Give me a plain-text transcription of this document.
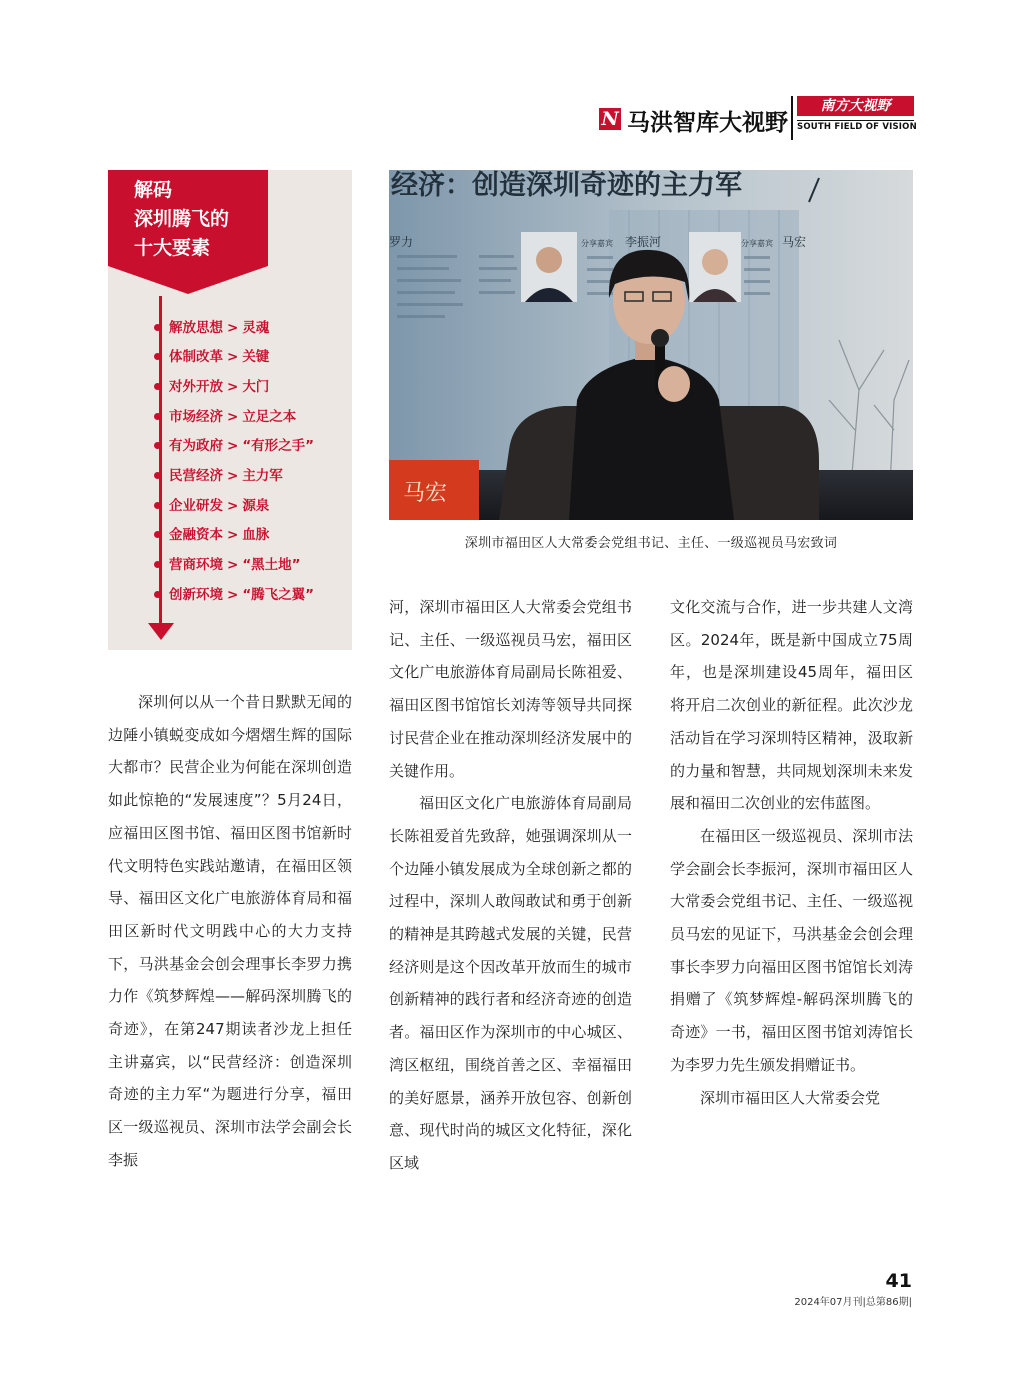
N 马洪智库大视野
南方大视野
SOUTH FIELD OF VISION
解码
深圳腾飞的
十大要素
解放思想 > 灵魂
体制改革 > 关键
对外开放 > 大门
市场经济 > 立足之本
有为政府 > “有形之手”
民营经济 > 主力军
企业研发 > 源泉
金融资本 > 血脉
营商环境 > “黑土地”
创新环境 > “腾飞之翼”
经济：创造深圳奇迹的主力军
罗力	分享嘉宾 李振河	分享嘉宾 马宏
马宏
深圳市福田区人大常委会党组书记、主任、一级巡视员马宏致词

深圳何以从一个昔日默默无闻的边陲小镇蜕变成如今熠熠生辉的国际大都市？民营企业为何能在深圳创造如此惊艳的“发展速度”？5月24日，应福田区图书馆、福田区图书馆新时代文明特色实践站邀请，在福田区领导、福田区文化广电旅游体育局和福田区新时代文明践中心的大力支持下，马洪基金会创会理事长李罗力携力作《筑梦辉煌——解码深圳腾飞的奇迹》，在第247期读者沙龙上担任主讲嘉宾，以“民营经济：创造深圳奇迹的主力军“为题进行分享，福田区一级巡视员、深圳市法学会副会长李振

河，深圳市福田区人大常委会党组书记、主任、一级巡视员马宏，福田区文化广电旅游体育局副局长陈祖爱、福田区图书馆馆长刘涛等领导共同探讨民营企业在推动深圳经济发展中的关键作用。

福田区文化广电旅游体育局副局长陈祖爱首先致辞，她强调深圳从一个边陲小镇发展成为全球创新之都的过程中，深圳人敢闯敢试和勇于创新的精神是其跨越式发展的关键，民营经济则是这个因改革开放而生的城市创新精神的践行者和经济奇迹的创造者。福田区作为深圳市的中心城区、湾区枢纽，围绕首善之区、幸福福田的美好愿景，涵养开放包容、创新创意、现代时尚的城区文化特征，深化区域

文化交流与合作，进一步共建人文湾区。2024年，既是新中国成立75周年，也是深圳建设45周年，福田区将开启二次创业的新征程。此次沙龙活动旨在学习深圳特区精神，汲取新的力量和智慧，共同规划深圳未来发展和福田二次创业的宏伟蓝图。

在福田区一级巡视员、深圳市法学会副会长李振河，深圳市福田区人大常委会党组书记、主任、一级巡视员马宏的见证下，马洪基金会创会理事长李罗力向福田区图书馆馆长刘涛捐赠了《筑梦辉煌-解码深圳腾飞的奇迹》一书，福田区图书馆刘涛馆长为李罗力先生颁发捐赠证书。

深圳市福田区人大常委会党

41
2024年07月刊|总第86期|
